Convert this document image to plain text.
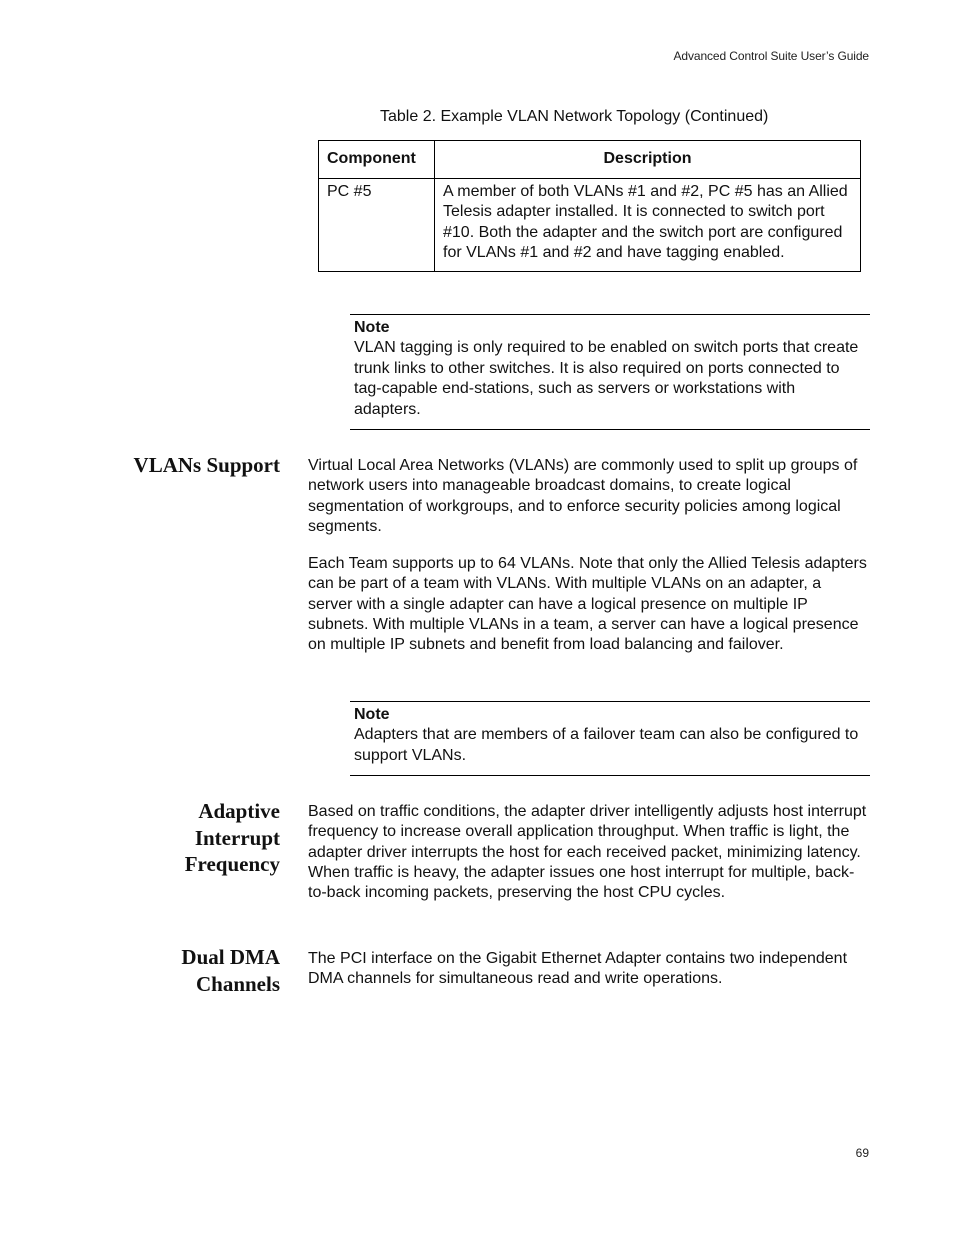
Advanced Control Suite User’s Guide
Table 2. Example VLAN Network Topology (Continued)
Component	Description
PC #5	A member of both VLANs #1 and #2, PC #5 has an Allied Telesis adapter installed. It is connected to switch port #10. Both the adapter and the switch port are configured for VLANs #1 and #2 and have tagging enabled.
Note
VLAN tagging is only required to be enabled on switch ports that create trunk links to other switches. It is also required on ports connected to tag-capable end-stations, such as servers or workstations with adapters.
VLANs Support Virtual Local Area Networks (VLANs) are commonly used to split up groups of network users into manageable broadcast domains, to create logical segmentation of workgroups, and to enforce security policies among logical segments.

Each Team supports up to 64 VLANs. Note that only the Allied Telesis adapters can be part of a team with VLANs. With multiple VLANs on an adapter, a server with a single adapter can have a logical presence on multiple IP subnets. With multiple VLANs in a team, a server can have a logical presence on multiple IP subnets and benefit from load balancing and failover.

Note
Adapters that are members of a failover team can also be configured to support VLANs.
Adaptive
Interrupt
Frequency

Based on traffic conditions, the adapter driver intelligently adjusts host interrupt frequency to increase overall application throughput. When traffic is light, the adapter driver interrupts the host for each received packet, minimizing latency. When traffic is heavy, the adapter issues one host interrupt for multiple, back-to-back incoming packets, preserving the host CPU cycles.

Dual DMA
Channels

The PCI interface on the Gigabit Ethernet Adapter contains two independent DMA channels for simultaneous read and write operations.

69
